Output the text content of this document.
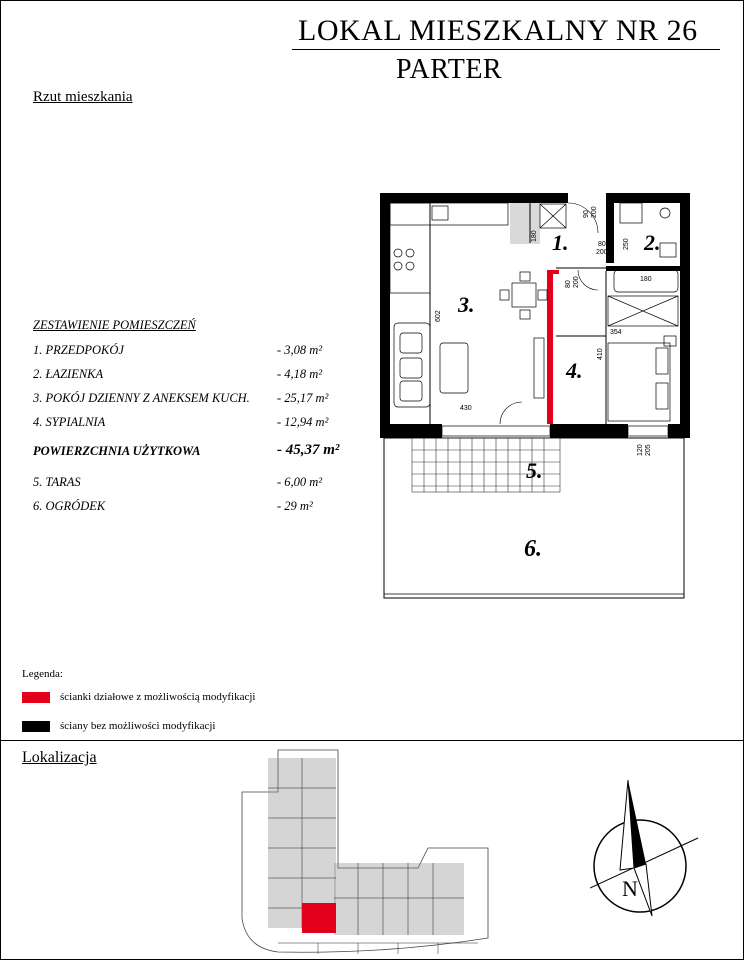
LOKAL MIESZKALNY NR 26
PARTER
Rzut mieszkania
ZESTAWIENIE POMIESZCZEŃ
1. PRZEDPOKÓJ	- 3,08 m²
2. ŁAZIENKA	- 4,18 m²
3. POKÓJ DZIENNY Z ANEKSEM KUCH. - 25,17 m²
4. SYPIALNIA	- 12,94 m²
POWIERZCHNIA UŻYTKOWA	- 45,37 m²
5. TARAS	- 6,00 m²
6. OGRÓDEK	- 29 m²
1.	2.
3.
4.
5.
6.
90 200
180
80
200
250
180
80 200
602
354
410
430
120 205
Legenda:
ścianki działowe z możliwością modyfikacji
ściany bez możliwości modyfikacji
Lokalizacja
N
